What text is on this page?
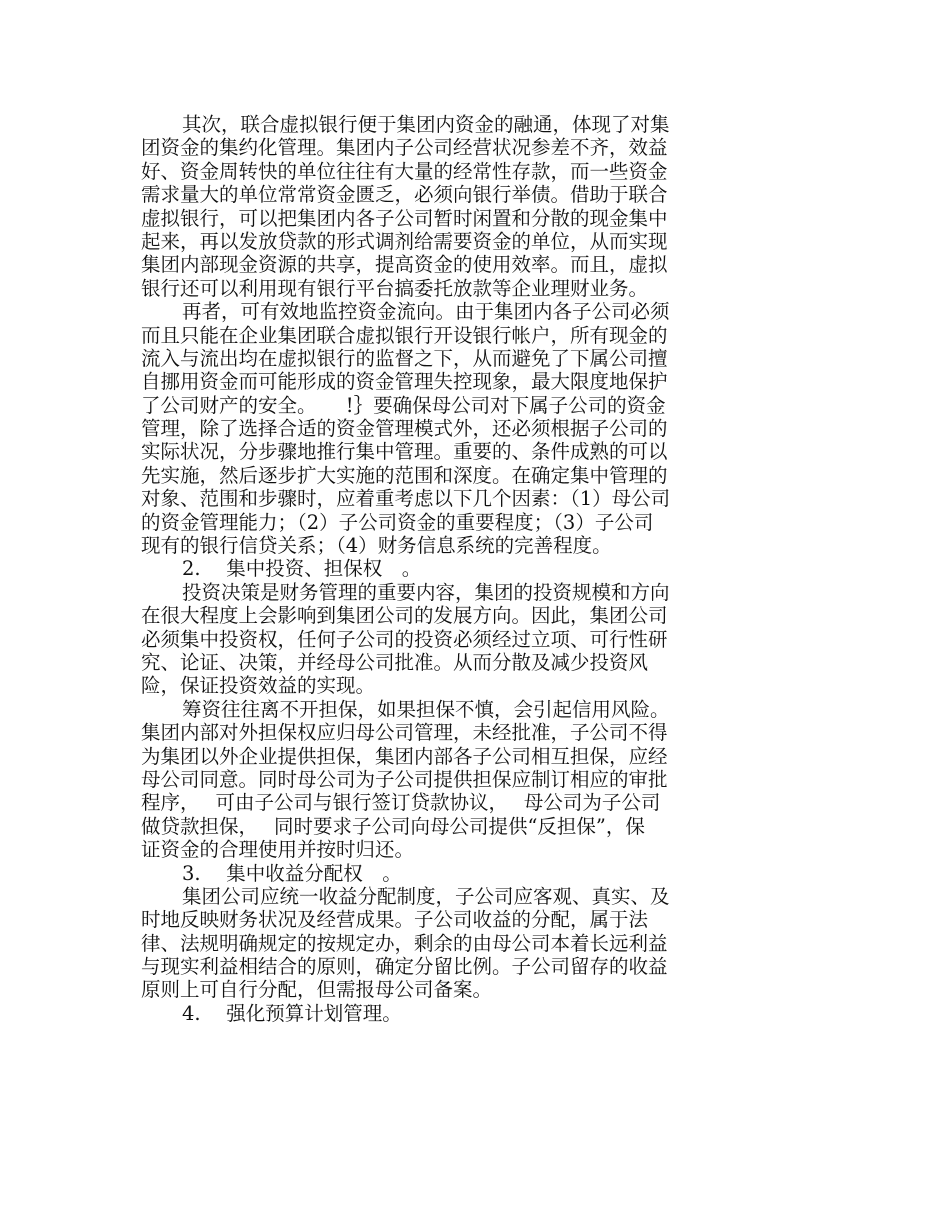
其次，联合虚拟银行便于集团内资金的融通，体现了对集
团资金的集约化管理。集团内子公司经营状况参差不齐，效益
好、资金周转快的单位往往有大量的经常性存款，而一些资金
需求量大的单位常常资金匮乏，必须向银行举债。借助于联合
虚拟银行，可以把集团内各子公司暂时闲置和分散的现金集中
起来，再以发放贷款的形式调剂给需要资金的单位，从而实现
集团内部现金资源的共享，提高资金的使用效率。而且，虚拟
银行还可以利用现有银行平台搞委托放款等企业理财业务。
再者，可有效地监控资金流向。由于集团内各子公司必须
而且只能在企业集团联合虚拟银行开设银行帐户，所有现金的
流入与流出均在虚拟银行的监督之下，从而避免了下属公司擅
自挪用资金而可能形成的资金管理失控现象，最大限度地保护
了公司财产的安全。　　!｝要确保母公司对下属子公司的资金
管理，除了选择合适的资金管理模式外，还必须根据子公司的
实际状况，分步骤地推行集中管理。重要的、条件成熟的可以
先实施，然后逐步扩大实施的范围和深度。在确定集中管理的
对象、范围和步骤时，应着重考虑以下几个因素：（1）母公司
的资金管理能力；（2）子公司资金的重要程度；（3）子公司
现有的银行信贷关系；（4）财务信息系统的完善程度。
2.　 集中投资、担保权　。
投资决策是财务管理的重要内容，集团的投资规模和方向
在很大程度上会影响到集团公司的发展方向。因此，集团公司
必须集中投资权，任何子公司的投资必须经过立项、可行性研
究、论证、决策，并经母公司批准。从而分散及减少投资风
险，保证投资效益的实现。
筹资往往离不开担保，如果担保不慎，会引起信用风险。
集团内部对外担保权应归母公司管理，未经批准，子公司不得
为集团以外企业提供担保，集团内部各子公司相互担保，应经
母公司同意。同时母公司为子公司提供担保应制订相应的审批
程序，　 可由子公司与银行签订贷款协议，　 母公司为子公司
做贷款担保，　 同时要求子公司向母公司提供“反担保”，保
证资金的合理使用并按时归还。
3.　 集中收益分配权　。
集团公司应统一收益分配制度，子公司应客观、真实、及
时地反映财务状况及经营成果。子公司收益的分配，属于法
律、法规明确规定的按规定办，剩余的由母公司本着长远利益
与现实利益相结合的原则，确定分留比例。子公司留存的收益
原则上可自行分配，但需报母公司备案。
4.　 强化预算计划管理。
